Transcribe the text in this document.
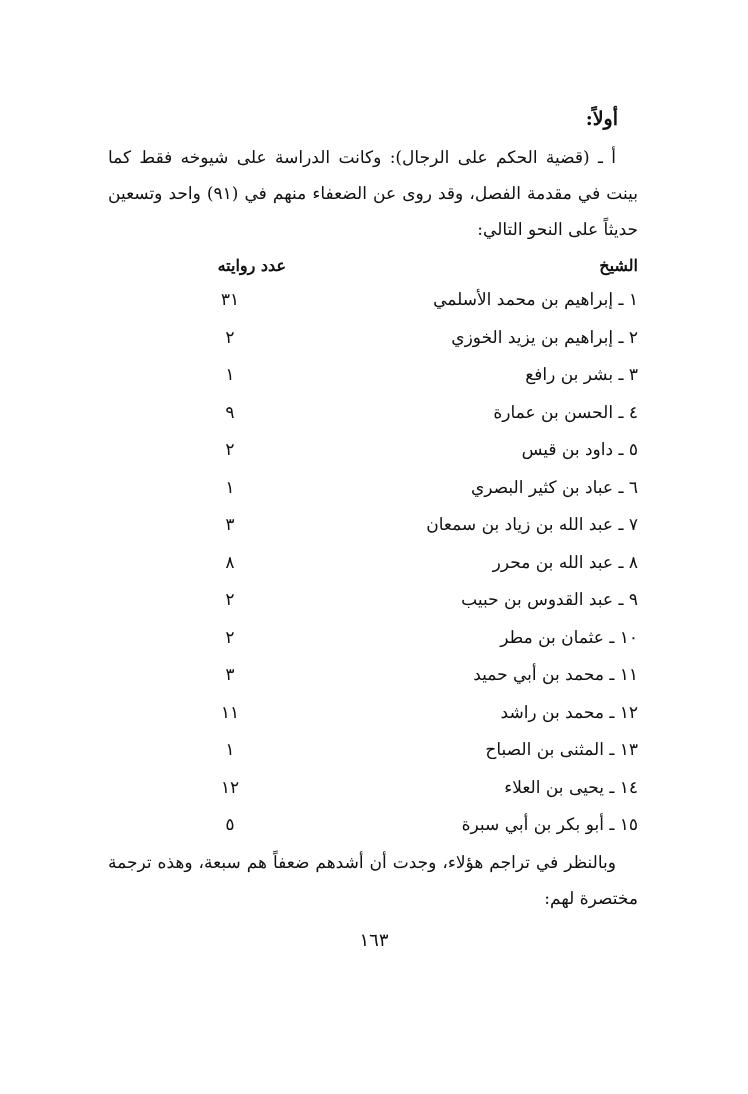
أولاً:

أ ـ (قضية الحكم على الرجال): وكانت الدراسة على شيوخه فقط كما بينت في مقدمة الفصل، وقد روى عن الضعفاء منهم في (٩١) واحد وتسعين حديثاً على النحو التالي:

الشيخ
عدد روايته
١ ـ إبراهيم بن محمد الأسلمي
٣١
٢ ـ إبراهيم بن يزيد الخوزي
٢
٣ ـ بشر بن رافع
١
٤ ـ الحسن بن عمارة
٩
٥ ـ داود بن قيس
٢
٦ ـ عباد بن كثير البصري
١
٧ ـ عبد الله بن زياد بن سمعان
٣
٨ ـ عبد الله بن محرر
٨
٩ ـ عبد القدوس بن حبيب
٢
١٠ ـ عثمان بن مطر
٢
١١ ـ محمد بن أبي حميد
٣
١٢ ـ محمد بن راشد
١١
١٣ ـ المثنى بن الصباح
١
١٤ ـ يحيى بن العلاء
١٢
١٥ ـ أبو بكر بن أبي سبرة
٥

وبالنظر في تراجم هؤلاء، وجدت أن أشدهم ضعفاً هم سبعة، وهذه ترجمة مختصرة لهم:

١٦٣
